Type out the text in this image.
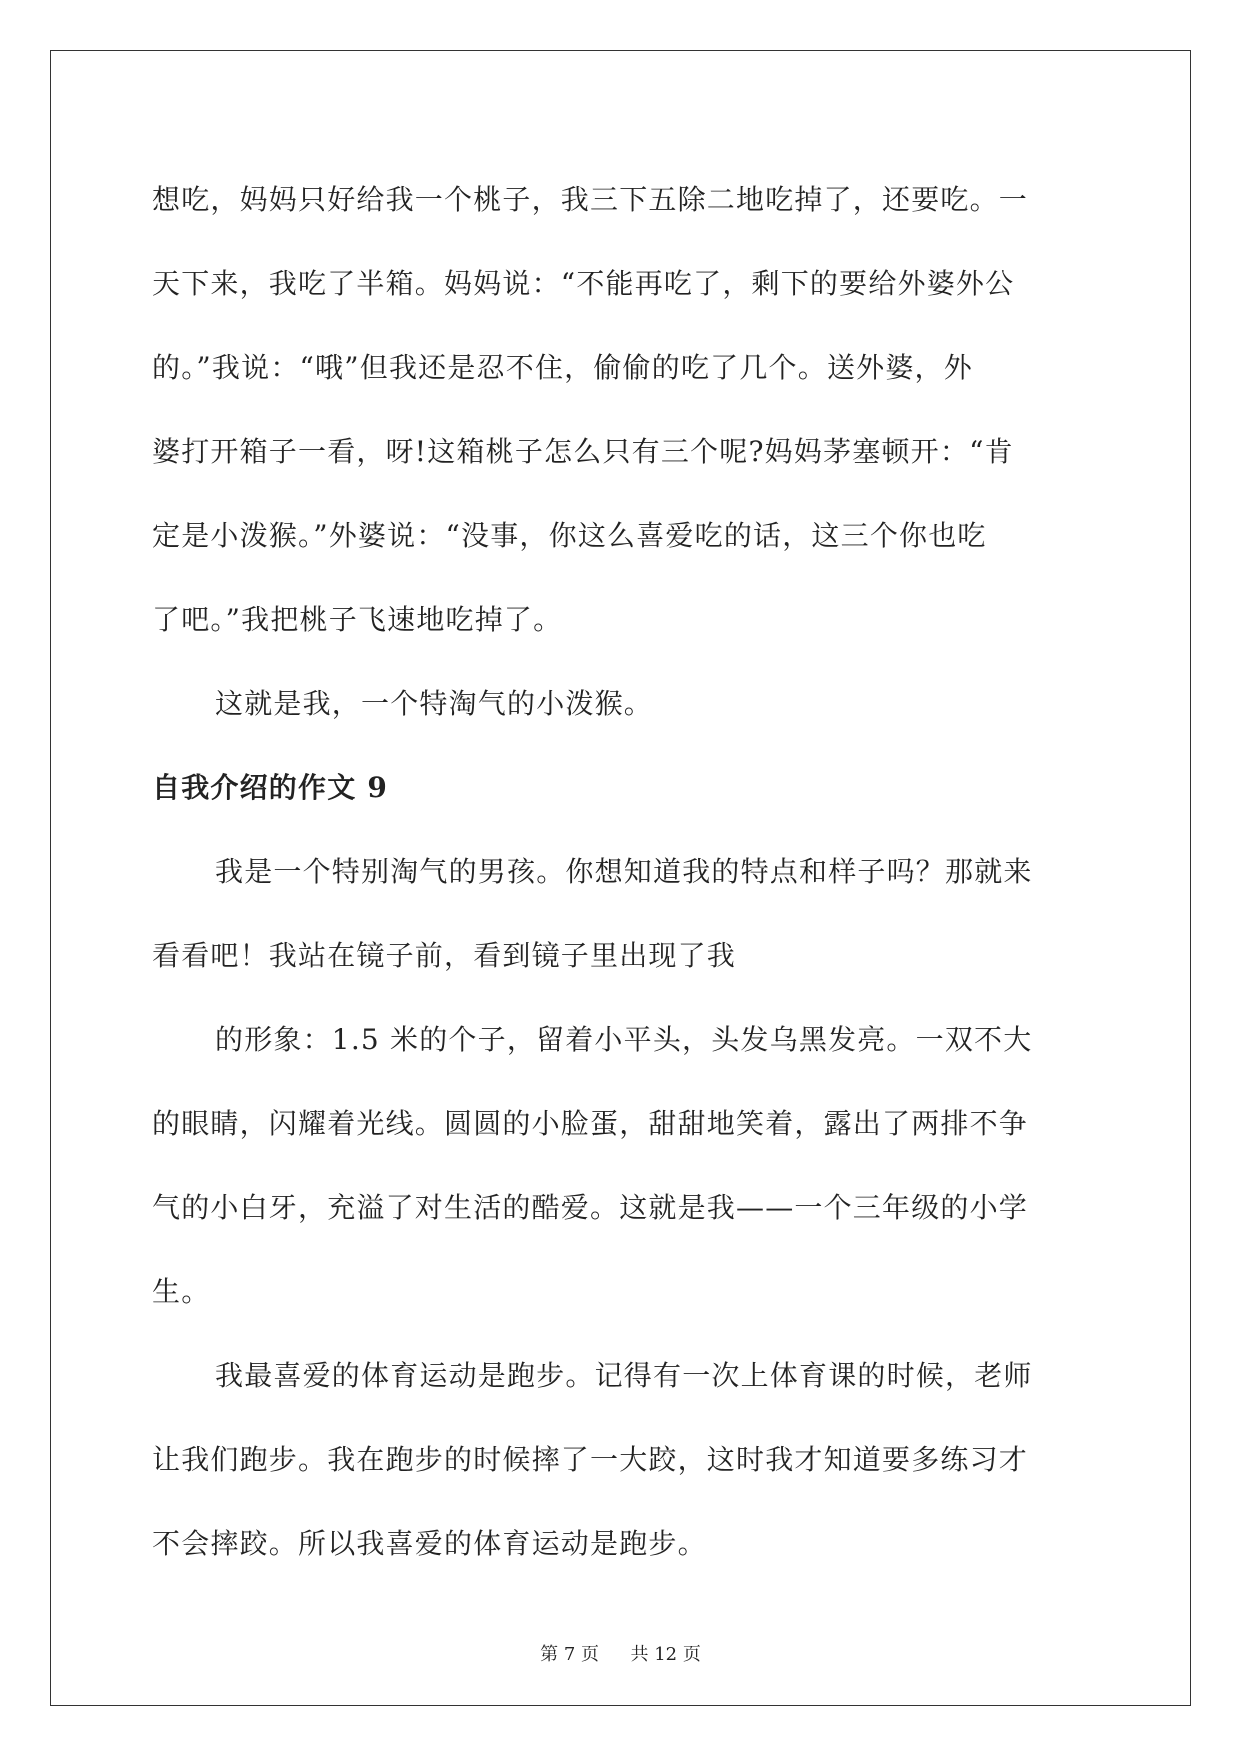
想吃，妈妈只好给我一个桃子，我三下五除二地吃掉了，还要吃。一
天下来，我吃了半箱。妈妈说：“不能再吃了，剩下的要给外婆外公
的。”我说：“哦”但我还是忍不住，偷偷的吃了几个。送外婆，外
婆打开箱子一看，呀!这箱桃子怎么只有三个呢?妈妈茅塞顿开：“肯
定是小泼猴。”外婆说：“没事，你这么喜爱吃的话，这三个你也吃
了吧。”我把桃子飞速地吃掉了。

这就是我，一个特淘气的小泼猴。

自我介绍的作文 9

我是一个特别淘气的男孩。你想知道我的特点和样子吗？那就来
看看吧！我站在镜子前，看到镜子里出现了我

的形象：1.5 米的个子，留着小平头，头发乌黑发亮。一双不大
的眼睛，闪耀着光线。圆圆的小脸蛋，甜甜地笑着，露出了两排不争
气的小白牙，充溢了对生活的酷爱。这就是我——一个三年级的小学
生。

我最喜爱的体育运动是跑步。记得有一次上体育课的时候，老师
让我们跑步。我在跑步的时候摔了一大跤，这时我才知道要多练习才
不会摔跤。所以我喜爱的体育运动是跑步。

第 7 页 共 12 页
